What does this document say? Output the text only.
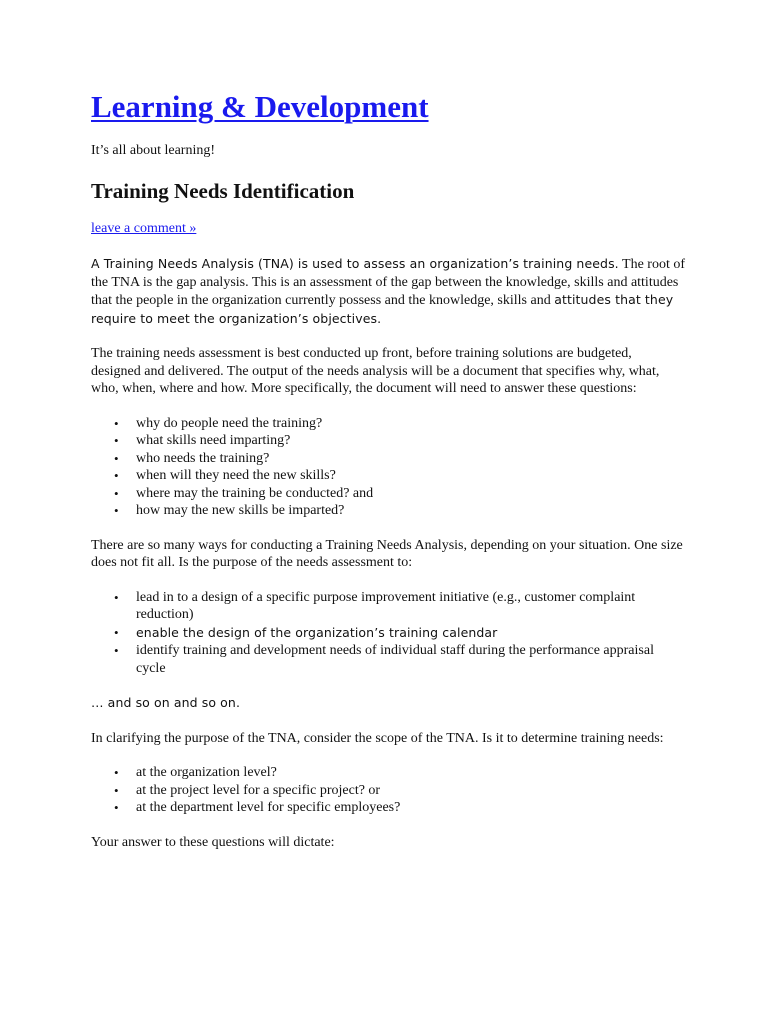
Learning & Development

It’s all about learning!

Training Needs Identification

leave a comment »

A Training Needs Analysis (TNA) is used to assess an organization’s training needs. The root of the TNA is the gap analysis. This is an assessment of the gap between the knowledge, skills and attitudes that the people in the organization currently possess and the knowledge, skills and attitudes that they require to meet the organization’s objectives.

The training needs assessment is best conducted up front, before training solutions are budgeted, designed and delivered. The output of the needs analysis will be a document that specifies why, what, who, when, where and how. More specifically, the document will need to answer these questions:

• why do people need the training?
• what skills need imparting?
• who needs the training?
• when will they need the new skills?
• where may the training be conducted? and
• how may the new skills be imparted?

There are so many ways for conducting a Training Needs Analysis, depending on your situation. One size does not fit all. Is the purpose of the needs assessment to:

• lead in to a design of a specific purpose improvement initiative (e.g., customer complaint reduction)
• enable the design of the organization’s training calendar
• identify training and development needs of individual staff during the performance appraisal cycle

… and so on and so on.

In clarifying the purpose of the TNA, consider the scope of the TNA. Is it to determine training needs:

• at the organization level?
• at the project level for a specific project? or
• at the department level for specific employees?

Your answer to these questions will dictate:
